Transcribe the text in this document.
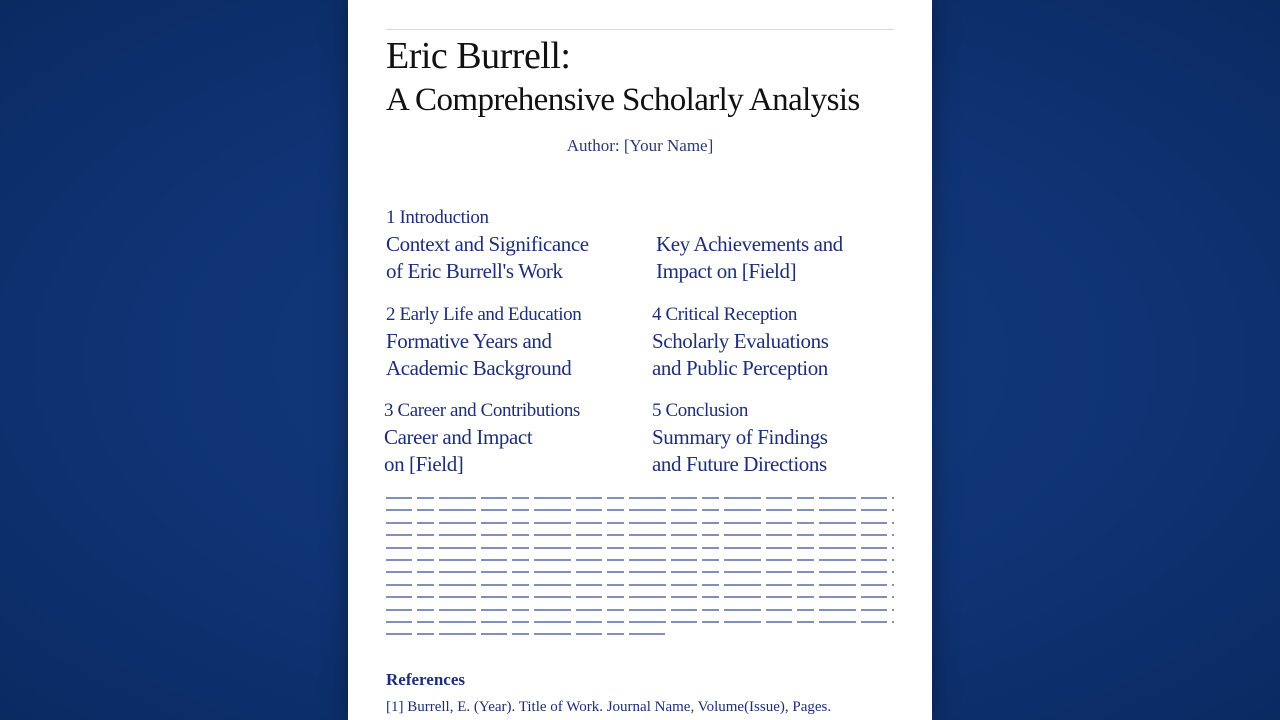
Eric Burrell:
A Comprehensive Scholarly Analysis
Author: [Your Name]
1 Introduction
Context and Significance
of Eric Burrell's Work
Key Achievements and
Impact on [Field]
2 Early Life and Education
Formative Years and
Academic Background
4 Critical Reception
Scholarly Evaluations
and Public Perception
3 Career and Contributions
Career and Impact
on [Field]
5 Conclusion
Summary of Findings
and Future Directions
References
[1] Burrell, E. (Year). Title of Work. Journal Name, Volume(Issue), Pages.
